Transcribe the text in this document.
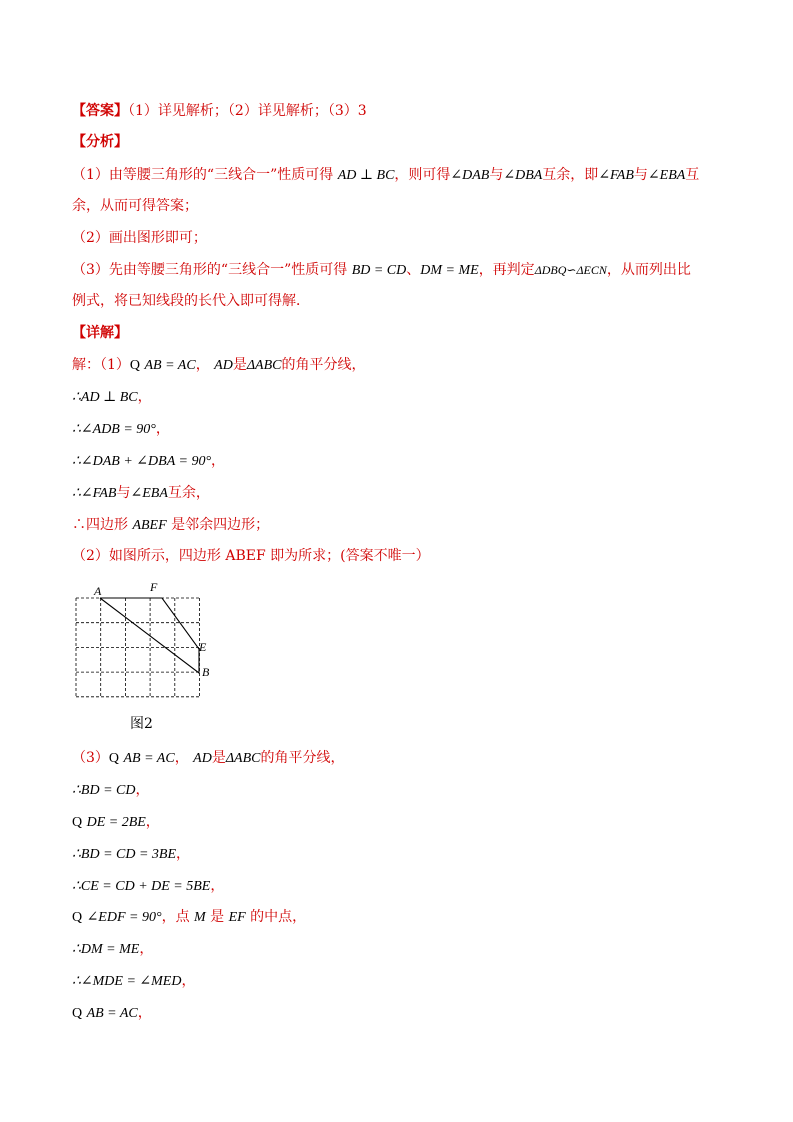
【答案】（1）详见解析；（2）详见解析；（3）3
【分析】
（1）由等腰三角形的“三线合一”性质可得 AD ⊥ BC，则可得∠DAB与∠DBA互余，即∠FAB与∠EBA互
余，从而可得答案；
（2）画出图形即可；
（3）先由等腰三角形的“三线合一”性质可得 BD = CD、DM = ME，再判定ΔDBQ∽ΔECN，从而列出比
例式，将已知线段的长代入即可得解．
【详解】
解：（1）Q AB = AC， AD是ΔABC的角平分线，
∴AD ⊥ BC，
∴∠ADB = 90°，
∴∠DAB + ∠DBA = 90°，
∴∠FAB与∠EBA互余，
∴四边形 ABEF 是邻余四边形；
（2）如图所示，四边形 ABEF 即为所求；(答案不唯一）
A	F
E
B
图2
（3）Q AB = AC， AD是ΔABC的角平分线，
∴BD = CD，
Q DE = 2BE，
∴BD = CD = 3BE，
∴CE = CD + DE = 5BE，
Q ∠EDF = 90°，点 M 是 EF 的中点，
∴DM = ME，
∴∠MDE = ∠MED，
Q AB = AC，
